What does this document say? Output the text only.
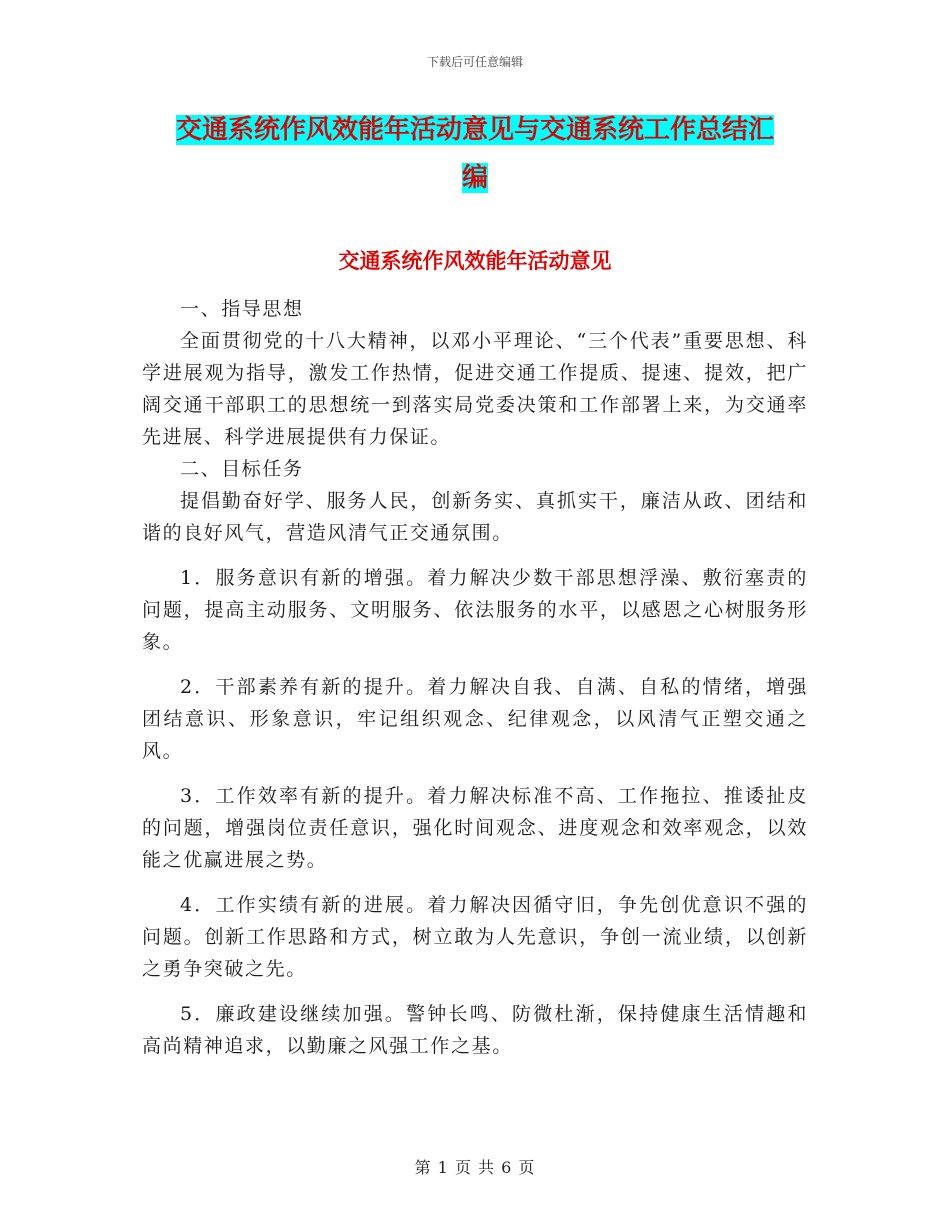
下载后可任意编辑
交通系统作风效能年活动意见与交通系统工作总结汇
编
交通系统作风效能年活动意见

一、指导思想

全面贯彻党的十八大精神，以邓小平理论、“三个代表”重要思想、科学进展观为指导，激发工作热情，促进交通工作提质、提速、提效，把广阔交通干部职工的思想统一到落实局党委决策和工作部署上来，为交通率先进展、科学进展提供有力保证。

二、目标任务

提倡勤奋好学、服务人民，创新务实、真抓实干，廉洁从政、团结和谐的良好风气，营造风清气正交通氛围。

1．服务意识有新的增强。着力解决少数干部思想浮澡、敷衍塞责的问题，提高主动服务、文明服务、依法服务的水平，以感恩之心树服务形象。

2．干部素养有新的提升。着力解决自我、自满、自私的情绪，增强团结意识、形象意识，牢记组织观念、纪律观念，以风清气正塑交通之风。

3．工作效率有新的提升。着力解决标准不高、工作拖拉、推诿扯皮的问题，增强岗位责任意识，强化时间观念、进度观念和效率观念，以效能之优赢进展之势。

4．工作实绩有新的进展。着力解决因循守旧，争先创优意识不强的问题。创新工作思路和方式，树立敢为人先意识，争创一流业绩，以创新之勇争突破之先。

5．廉政建设继续加强。警钟长鸣、防微杜渐，保持健康生活情趣和高尚精神追求，以勤廉之风强工作之基。

第 1 页 共 6 页
